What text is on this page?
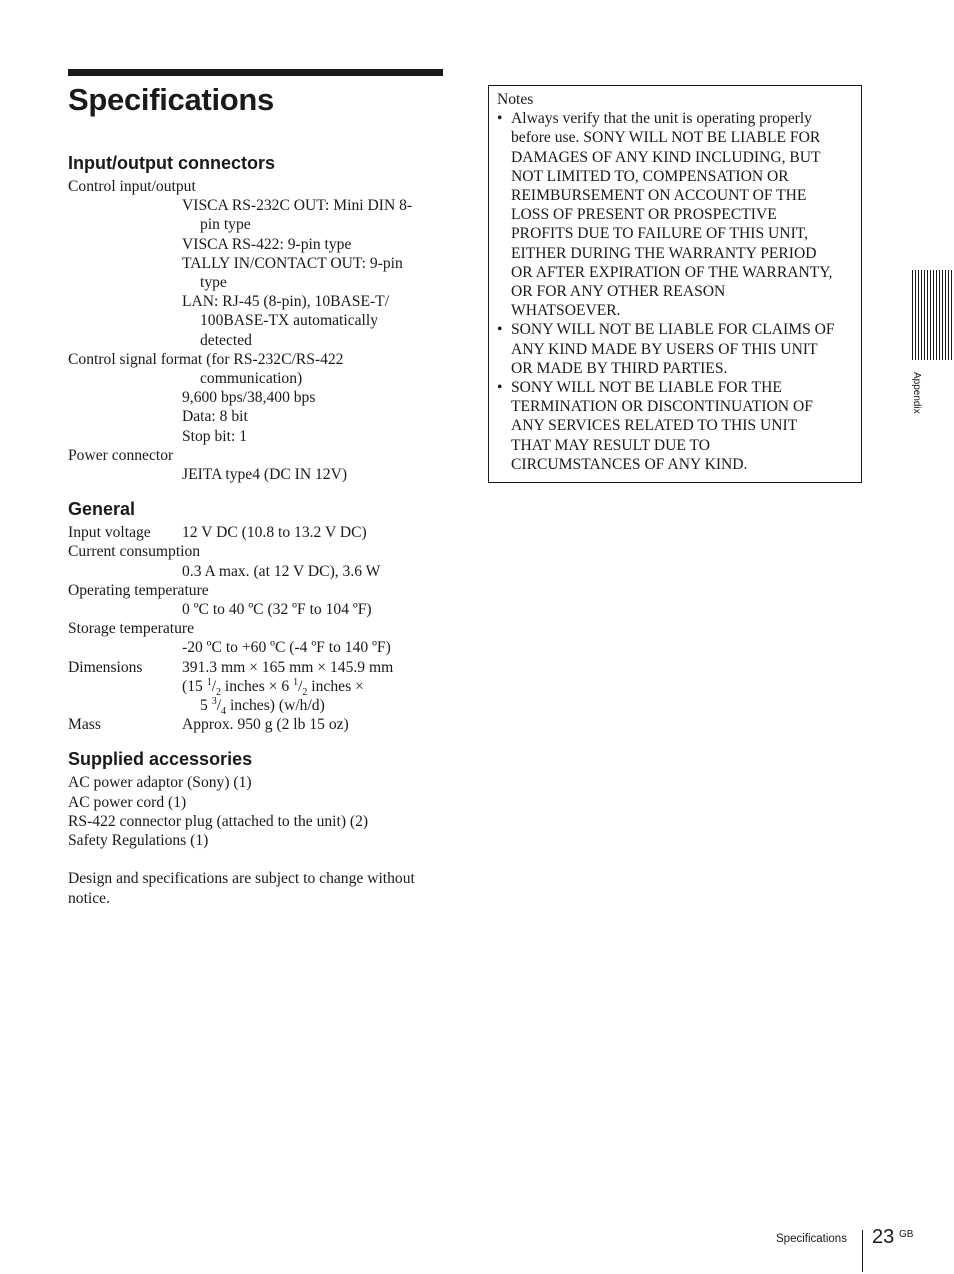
Specifications
Input/output connectors
Control input/output
VISCA RS-232C OUT: Mini DIN 8-
pin type
VISCA RS-422: 9-pin type
TALLY IN/CONTACT OUT: 9-pin
type
LAN: RJ-45 (8-pin), 10BASE-T/
100BASE-TX automatically
detected
Control signal format (for RS-232C/RS-422
communication)
9,600 bps/38,400 bps
Data: 8 bit
Stop bit: 1
Power connector
JEITA type4 (DC IN 12V)
General
Input voltage 12 V DC (10.8 to 13.2 V DC)
Current consumption
0.3 A max. (at 12 V DC), 3.6 W
Operating temperature
0 ºC to 40 ºC (32 ºF to 104 ºF)
Storage temperature
-20 ºC to +60 ºC (-4 ºF to 140 ºF)
Dimensions	391.3 mm × 165 mm × 145.9 mm
(15 $^1/_2$ inches × 6 $^1/_2$ inches ×
5 $^3/_4$ inches) (w/h/d)
Mass	Approx. 950 g (2 lb 15 oz)
Supplied accessories
AC power adaptor (Sony) (1)
AC power cord (1)
RS-422 connector plug (attached to the unit) (2)
Safety Regulations (1)
Design and specifications are subject to change without
notice.
Notes
• Always verify that the unit is operating properly
before use. SONY WILL NOT BE LIABLE FOR
DAMAGES OF ANY KIND INCLUDING, BUT
NOT LIMITED TO, COMPENSATION OR
REIMBURSEMENT ON ACCOUNT OF THE
LOSS OF PRESENT OR PROSPECTIVE
PROFITS DUE TO FAILURE OF THIS UNIT,
EITHER DURING THE WARRANTY PERIOD
OR AFTER EXPIRATION OF THE WARRANTY,
OR FOR ANY OTHER REASON
WHATSOEVER.
• SONY WILL NOT BE LIABLE FOR CLAIMS OF
ANY KIND MADE BY USERS OF THIS UNIT
OR MADE BY THIRD PARTIES.
• SONY WILL NOT BE LIABLE FOR THE
TERMINATION OR DISCONTINUATION OF
ANY SERVICES RELATED TO THIS UNIT
THAT MAY RESULT DUE TO
CIRCUMSTANCES OF ANY KIND.
Appendix
Specifications 23 GB
